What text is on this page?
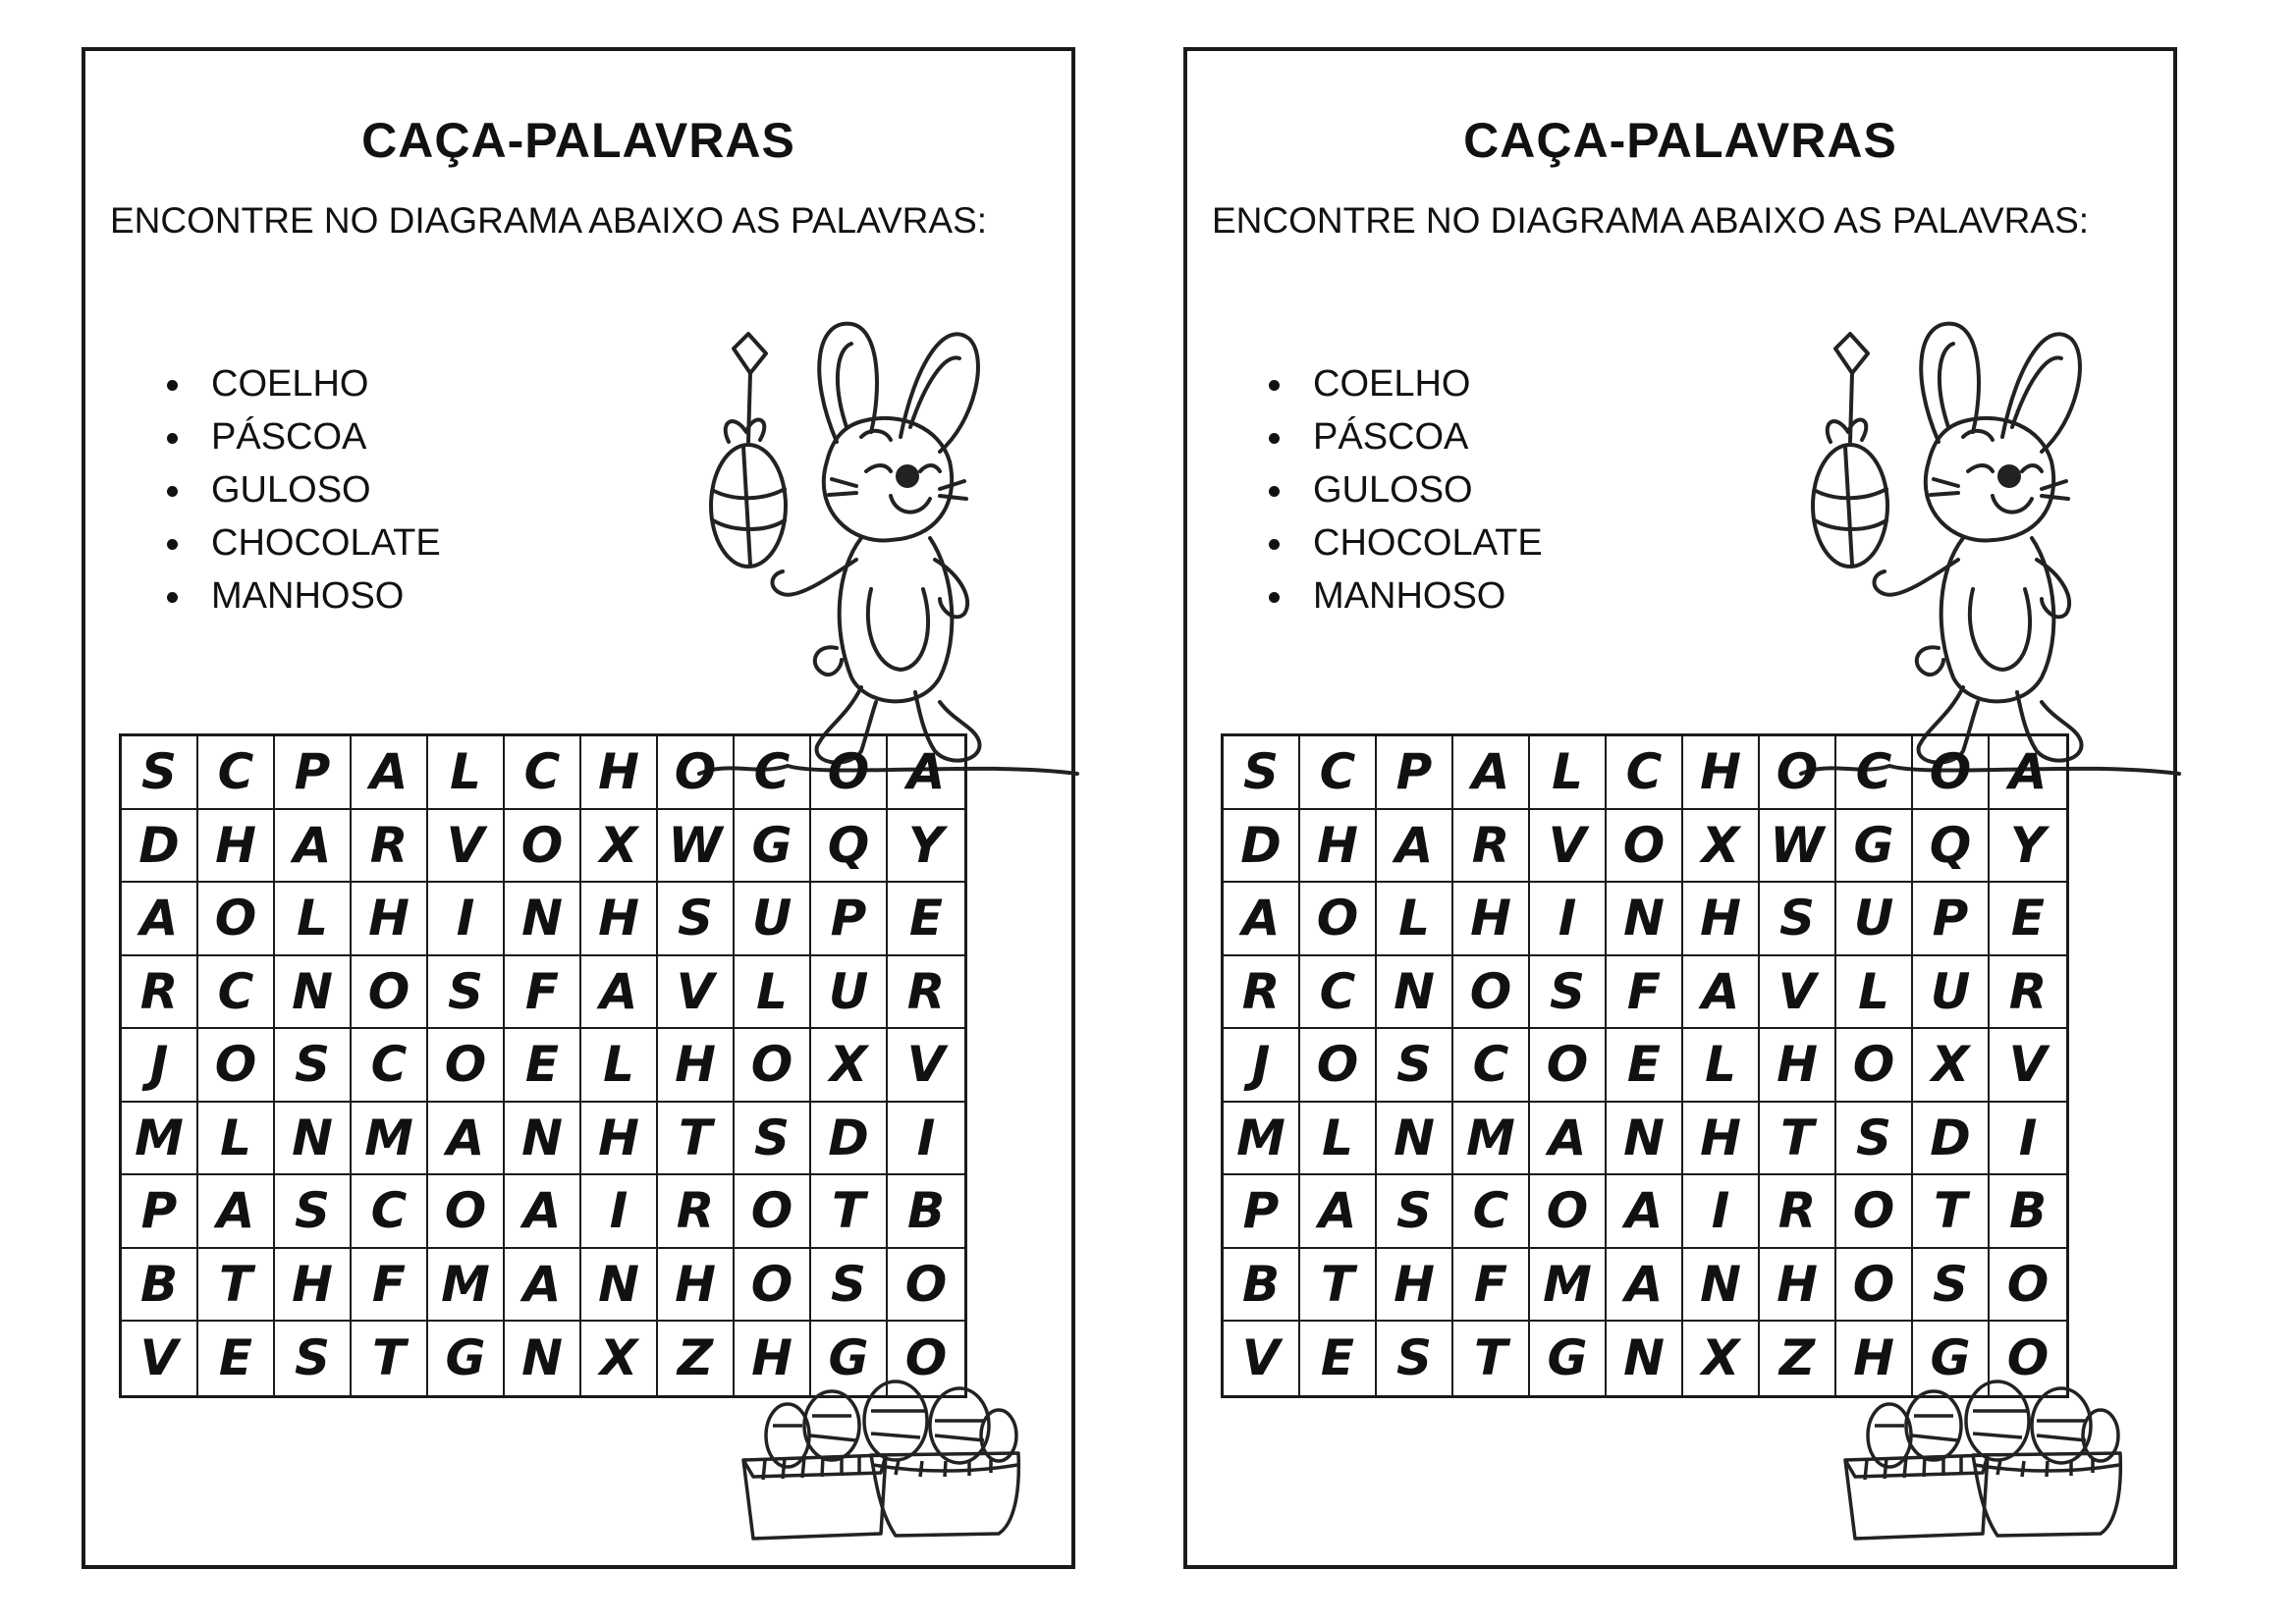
CAÇA-PALAVRAS
ENCONTRE NO DIAGRAMA ABAIXO AS PALAVRAS:
COELHO
PÁSCOA
GULOSO
CHOCOLATE
MANHOSO
S C P A L C H O C O A
D H A R V O X W G Q Y
A O L H I N H S U P E
R C N O S F A V L U R
J O S C O E L H O X V
M L N M A N H T S D I
P A S C O A I R O T B
B T H F M A N H O S O
V E S T G N X Z H G O
CAÇA-PALAVRAS
ENCONTRE NO DIAGRAMA ABAIXO AS PALAVRAS:
COELHO
PÁSCOA
GULOSO
CHOCOLATE
MANHOSO
S C P A L C H O C O A
D H A R V O X W G Q Y
A O L H I N H S U P E
R C N O S F A V L U R
J O S C O E L H O X V
M L N M A N H T S D I
P A S C O A I R O T B
B T H F M A N H O S O
V E S T G N X Z H G O
